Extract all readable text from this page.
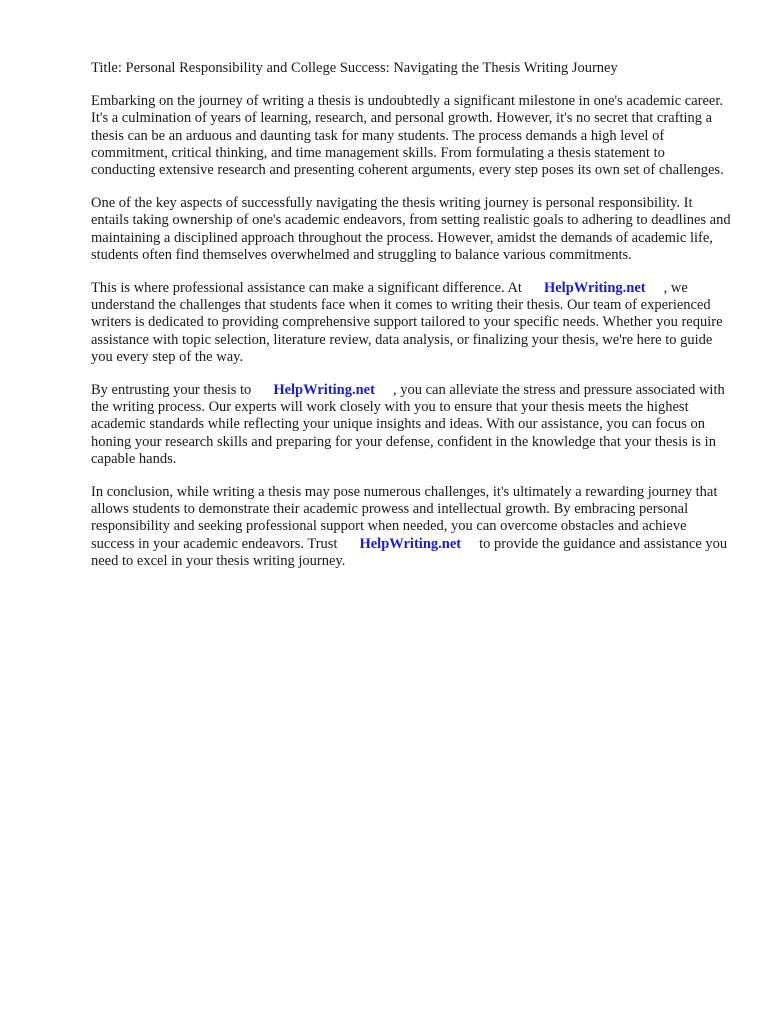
Title: Personal Responsibility and College Success: Navigating the Thesis Writing Journey

Embarking on the journey of writing a thesis is undoubtedly a significant milestone in one's academic career. It's a culmination of years of learning, research, and personal growth. However, it's no secret that crafting a thesis can be an arduous and daunting task for many students. The process demands a high level of commitment, critical thinking, and time management skills. From formulating a thesis statement to conducting extensive research and presenting coherent arguments, every step poses its own set of challenges.

One of the key aspects of successfully navigating the thesis writing journey is personal responsibility. It entails taking ownership of one's academic endeavors, from setting realistic goals to adhering to deadlines and maintaining a disciplined approach throughout the process. However, amidst the demands of academic life, students often find themselves overwhelmed and struggling to balance various commitments.

This is where professional assistance can make a significant difference. At HelpWriting.net , we understand the challenges that students face when it comes to writing their thesis. Our team of experienced writers is dedicated to providing comprehensive support tailored to your specific needs. Whether you require assistance with topic selection, literature review, data analysis, or finalizing your thesis, we're here to guide you every step of the way.

By entrusting your thesis to HelpWriting.net , you can alleviate the stress and pressure associated with the writing process. Our experts will work closely with you to ensure that your thesis meets the highest academic standards while reflecting your unique insights and ideas. With our assistance, you can focus on honing your research skills and preparing for your defense, confident in the knowledge that your thesis is in capable hands.

In conclusion, while writing a thesis may pose numerous challenges, it's ultimately a rewarding journey that allows students to demonstrate their academic prowess and intellectual growth. By embracing personal responsibility and seeking professional support when needed, you can overcome obstacles and achieve success in your academic endeavors. Trust HelpWriting.net to provide the guidance and assistance you need to excel in your thesis writing journey.
